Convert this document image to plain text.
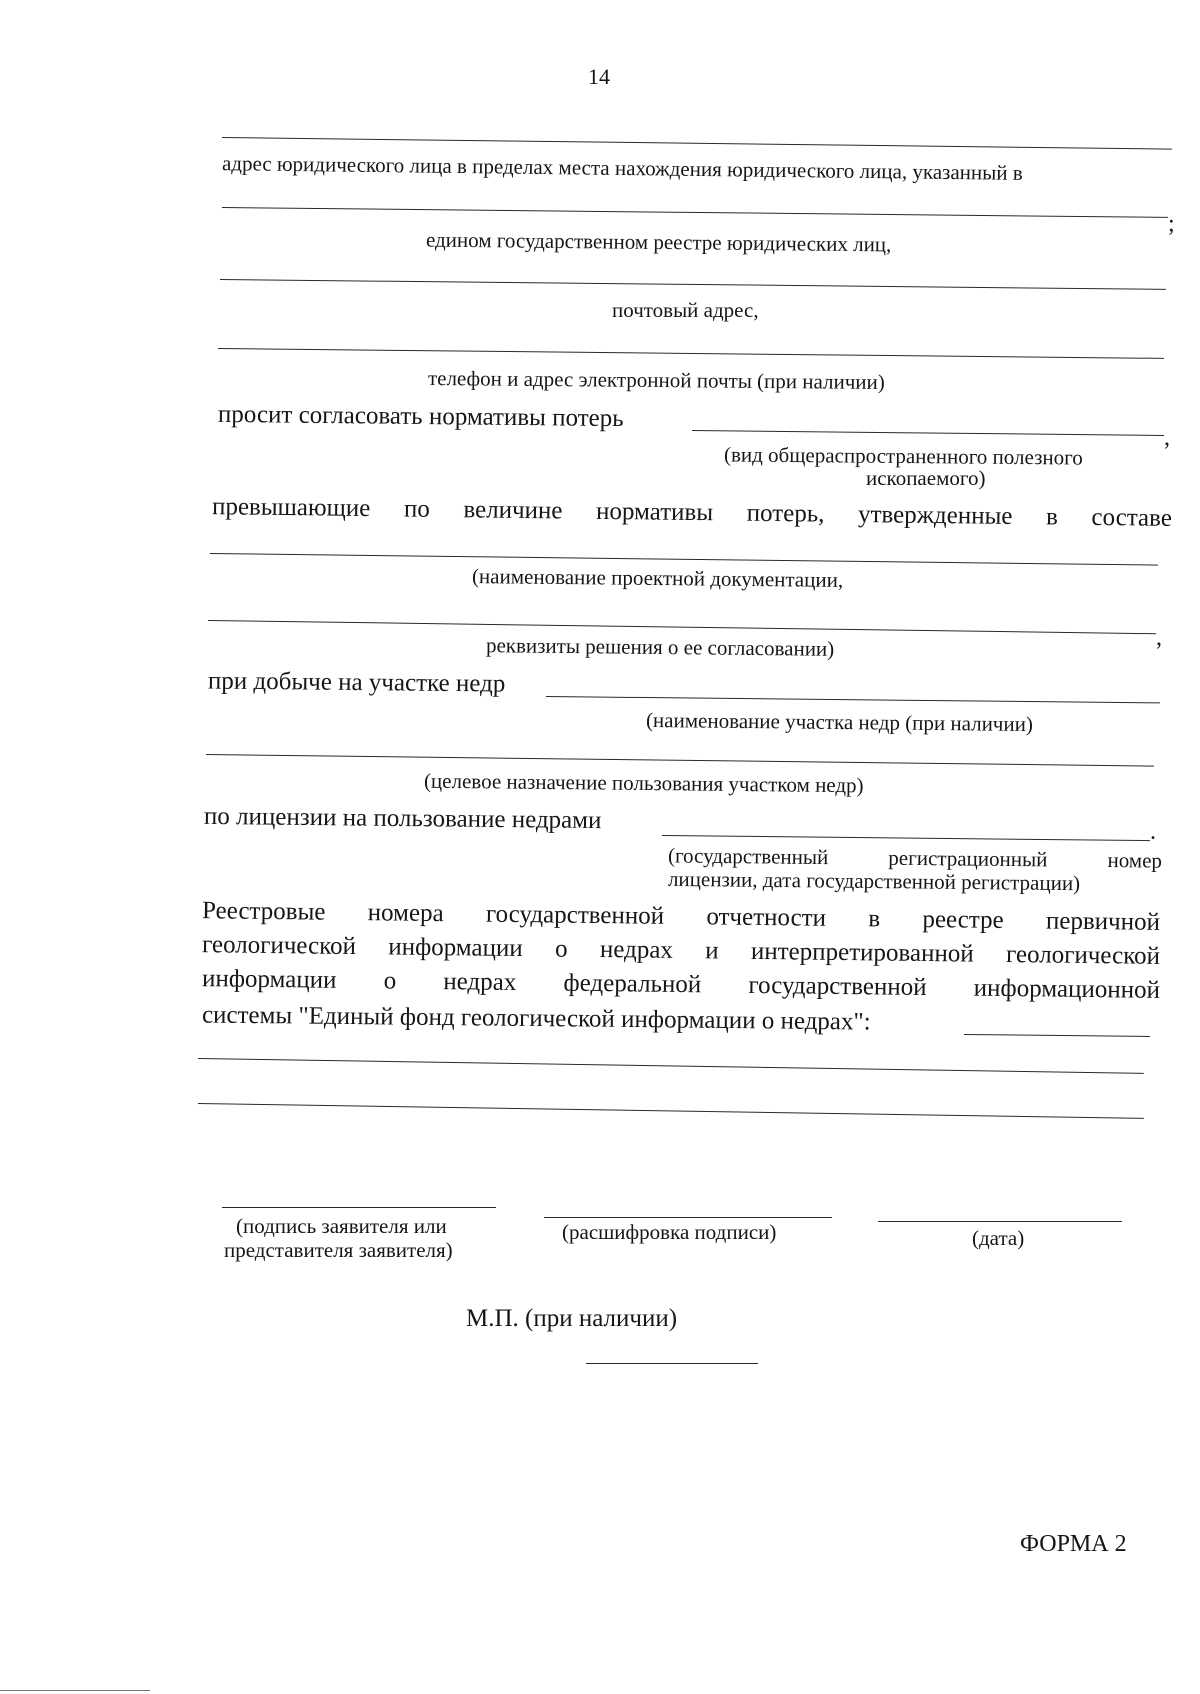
14
адрес юридического лица в пределах места нахождения юридического лица, указанный в
;
едином государственном реестре юридических лиц,
почтовый адрес,
телефон и адрес электронной почты (при наличии)
просит согласовать нормативы потерь
,
(вид общераспространенного полезного
ископаемого)
превышающие по величине нормативы потерь, утвержденные в составе
(наименование проектной документации,
,
реквизиты решения о ее согласовании)
при добыче на участке недр
(наименование участка недр (при наличии)
(целевое назначение пользования участком недр)
по лицензии на пользование недрами	.
(государственный	регистрационный	номер
лицензии, дата государственной регистрации)
Реестровые номера государственной отчетности в реестре первичной
геологической информации о недрах и интерпретированной геологической
информации о недрах федеральной государственной информационной
системы "Единый фонд геологической информации о недрах":
(подпись заявителя или
представителя заявителя)
(расшифровка подписи)	(дата)
М.П. (при наличии)
ФОРМА 2
